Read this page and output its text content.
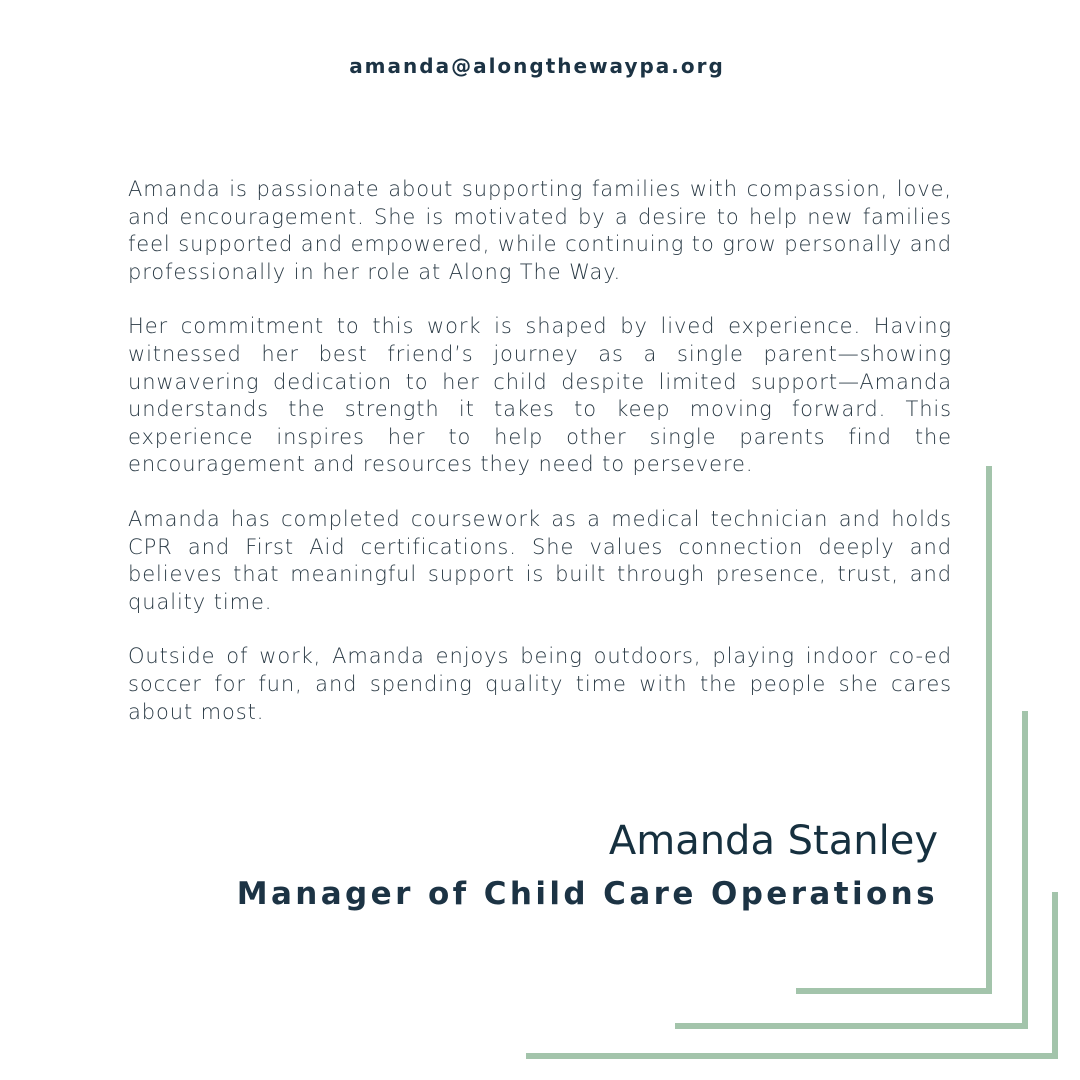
amanda@alongthewaypa.org

Amanda is passionate about supporting families with compassion, love, and encouragement. She is motivated by a desire to help new families feel supported and empowered, while continuing to grow personally and professionally in her role at Along The Way.

Her commitment to this work is shaped by lived experience. Having witnessed her best friend’s journey as a single parent—showing unwavering dedication to her child despite limited support—Amanda understands the strength it takes to keep moving forward. This experience inspires her to help other single parents find the encouragement and resources they need to persevere.

Amanda has completed coursework as a medical technician and holds CPR and First Aid certifications. She values connection deeply and believes that meaningful support is built through presence, trust, and quality time.

Outside of work, Amanda enjoys being outdoors, playing indoor co-ed soccer for fun, and spending quality time with the people she cares about most.

Amanda Stanley
Manager of Child Care Operations
